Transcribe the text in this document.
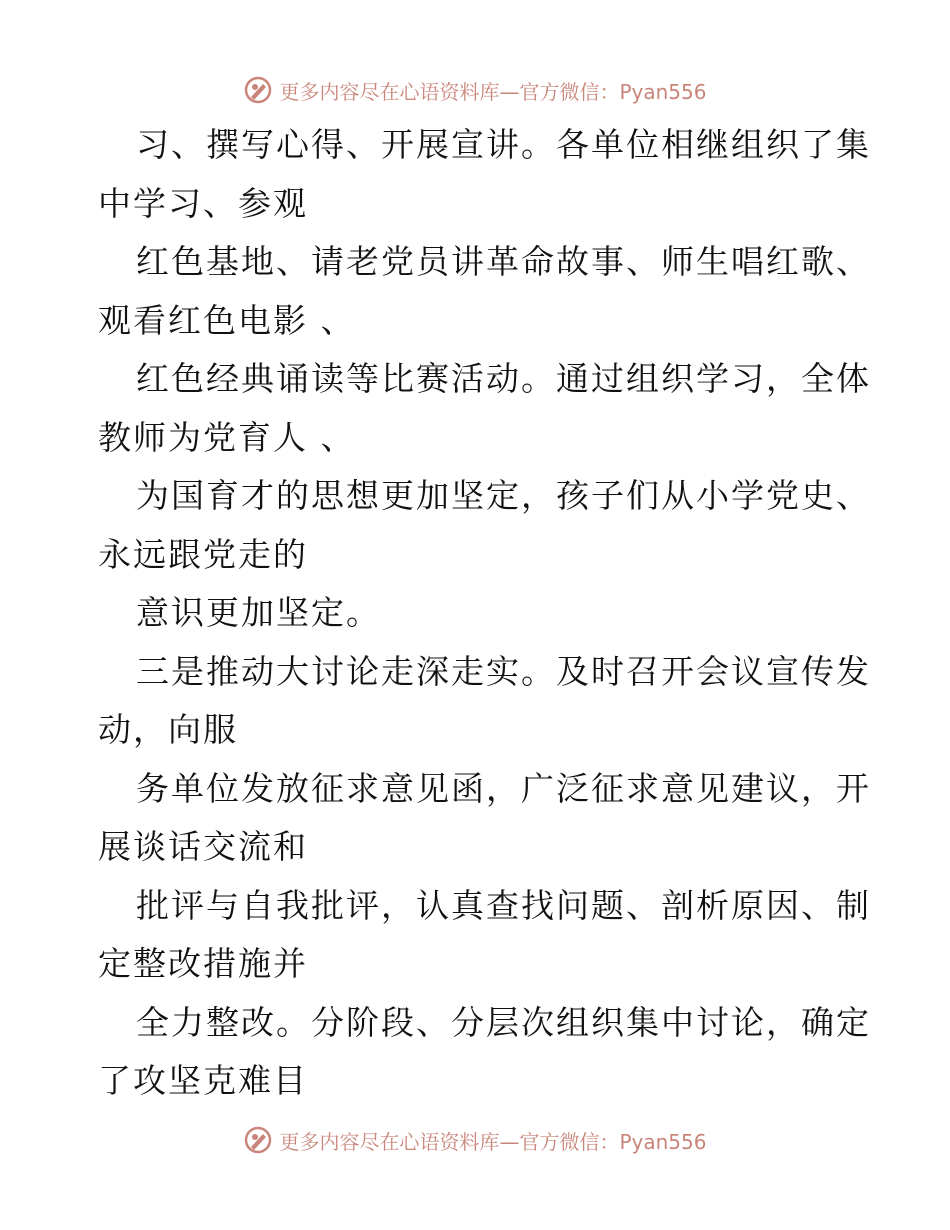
更多内容尽在心语资料库—官方微信：Pyan556
习、撰写心得、开展宣讲。各单位相继组织了集
中学习、参观
红色基地、请老党员讲革命故事、师生唱红歌、
观看红色电影 、
红色经典诵读等比赛活动。通过组织学习，全体
教师为党育人 、
为国育才的思想更加坚定，孩子们从小学党史、
永远跟党走的
意识更加坚定。
三是推动大讨论走深走实。及时召开会议宣传发
动，向服
务单位发放征求意见函，广泛征求意见建议，开
展谈话交流和
批评与自我批评，认真查找问题、剖析原因、制
定整改措施并
全力整改。分阶段、分层次组织集中讨论，确定
了攻坚克难目
更多内容尽在心语资料库—官方微信：Pyan556
